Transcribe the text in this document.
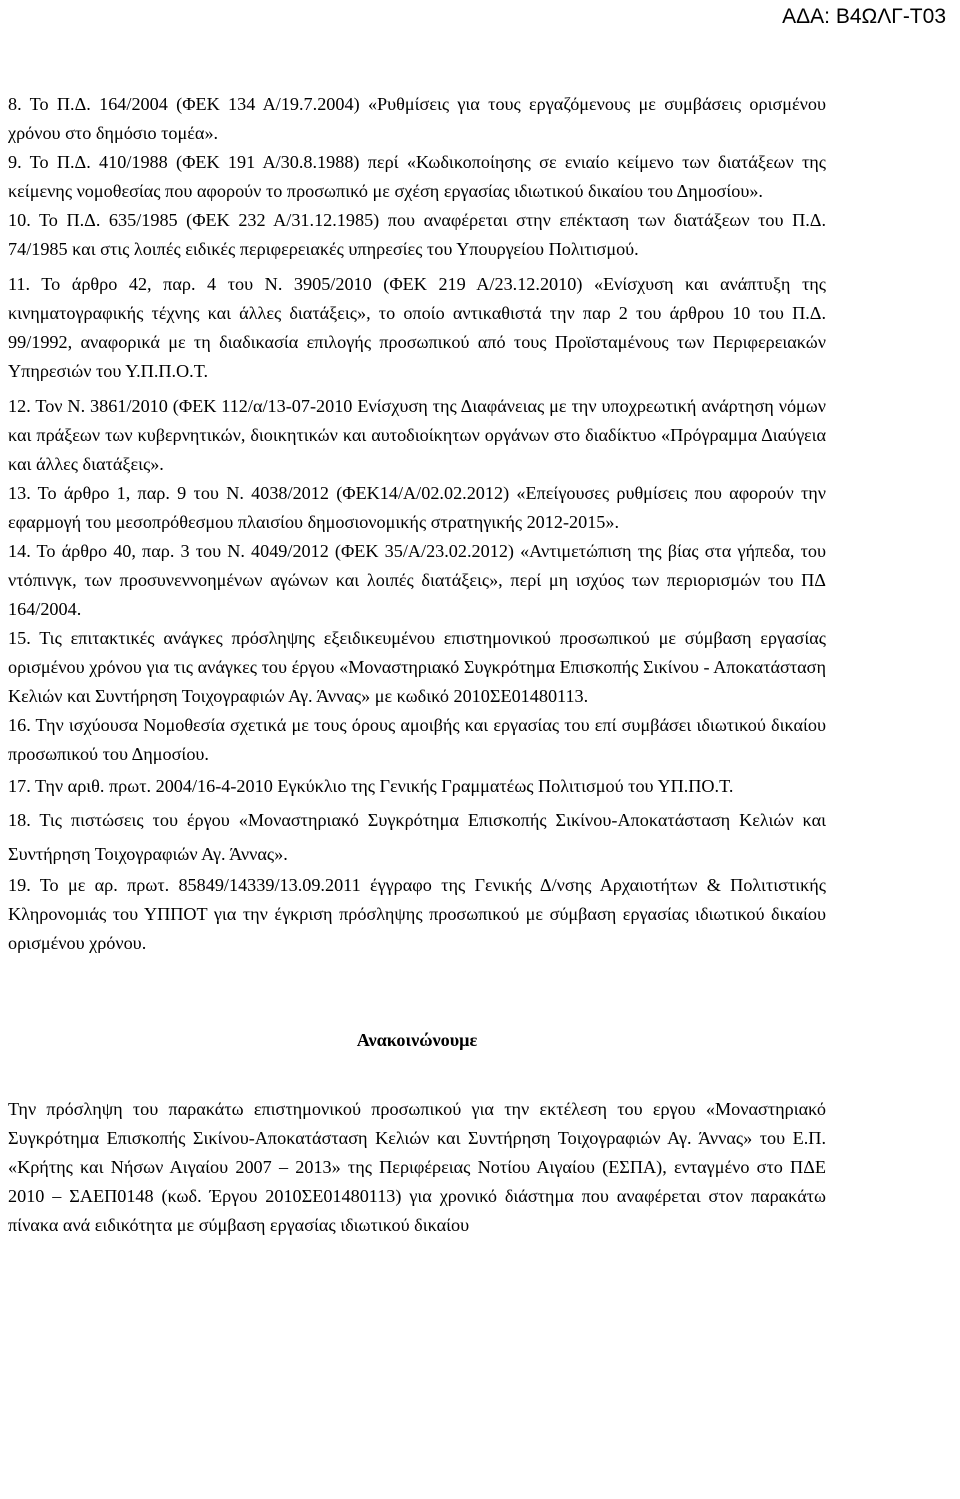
ΑΔΑ: Β4ΩΛΓ-Τ03

8. Το Π.Δ. 164/2004 (ΦΕΚ 134 Α/19.7.2004) «Ρυθμίσεις για τους εργαζόμενους με συμβάσεις ορισμένου χρόνου στο δημόσιο τομέα».

9. Το Π.Δ. 410/1988 (ΦΕΚ 191 Α/30.8.1988) περί «Κωδικοποίησης σε ενιαίο κείμενο των διατάξεων της κείμενης νομοθεσίας που αφορούν το προσωπικό με σχέση εργασίας ιδιωτικού δικαίου του Δημοσίου».

10. Το Π.Δ. 635/1985 (ΦΕΚ 232 Α/31.12.1985) που αναφέρεται στην επέκταση των διατάξεων του Π.Δ. 74/1985 και στις λοιπές ειδικές περιφερειακές υπηρεσίες του Υπουργείου Πολιτισμού.

11. Το άρθρο 42, παρ. 4 του Ν. 3905/2010 (ΦΕΚ 219 Α/23.12.2010) «Ενίσχυση και ανάπτυξη της κινηματογραφικής τέχνης και άλλες διατάξεις», το οποίο αντικαθιστά την παρ 2 του άρθρου 10 του Π.Δ. 99/1992, αναφορικά με τη διαδικασία επιλογής προσωπικού από τους Προϊσταμένους των Περιφερειακών Υπηρεσιών του Υ.Π.Π.Ο.Τ.

12. Τον Ν. 3861/2010 (ΦΕΚ 112/α/13-07-2010 Ενίσχυση της Διαφάνειας με την υποχρεωτική ανάρτηση νόμων και πράξεων των κυβερνητικών, διοικητικών και αυτοδιοίκητων οργάνων στο διαδίκτυο «Πρόγραμμα Διαύγεια και άλλες διατάξεις».

13. Το άρθρο 1, παρ. 9 του Ν. 4038/2012 (ΦΕΚ14/Α/02.02.2012) «Επείγουσες ρυθμίσεις που αφορούν την εφαρμογή του μεσοπρόθεσμου πλαισίου δημοσιονομικής στρατηγικής 2012-2015».

14. Το άρθρο 40, παρ. 3 του Ν. 4049/2012 (ΦΕΚ 35/Α/23.02.2012) «Αντιμετώπιση της βίας στα γήπεδα, του ντόπινγκ, των προσυνεννοημένων αγώνων και λοιπές διατάξεις», περί μη ισχύος των περιορισμών του ΠΔ 164/2004.

15. Τις επιτακτικές ανάγκες πρόσληψης εξειδικευμένου επιστημονικού προσωπικού με σύμβαση εργασίας ορισμένου χρόνου για τις ανάγκες του έργου «Μοναστηριακό Συγκρότημα Επισκοπής Σικίνου - Αποκατάσταση Κελιών και Συντήρηση Τοιχογραφιών Αγ. Άννας» με κωδικό 2010ΣΕ01480113.

16. Την ισχύουσα Νομοθεσία σχετικά με τους όρους αμοιβής και εργασίας του επί συμβάσει ιδιωτικού δικαίου προσωπικού του Δημοσίου.

17. Την αριθ. πρωτ. 2004/16-4-2010 Εγκύκλιο της Γενικής Γραμματέως Πολιτισμού του ΥΠ.ΠΟ.Τ.

18. Τις πιστώσεις του έργου «Μοναστηριακό Συγκρότημα Επισκοπής Σικίνου-Αποκατάσταση Κελιών και Συντήρηση Τοιχογραφιών Αγ. Άννας».

19. Το με αρ. πρωτ. 85849/14339/13.09.2011 έγγραφο της Γενικής Δ/νσης Αρχαιοτήτων & Πολιτιστικής Κληρονομιάς του ΥΠΠΟΤ για την έγκριση πρόσληψης προσωπικού με σύμβαση εργασίας ιδιωτικού δικαίου ορισμένου χρόνου.

Ανακοινώνουμε

Την πρόσληψη του παρακάτω επιστημονικού προσωπικού για την εκτέλεση του εργου «Μοναστηριακό Συγκρότημα Επισκοπής Σικίνου-Αποκατάσταση Κελιών και Συντήρηση Τοιχογραφιών Αγ. Άννας» του Ε.Π. «Κρήτης και Νήσων Αιγαίου 2007 – 2013» της Περιφέρειας Νοτίου Αιγαίου (ΕΣΠΑ), ενταγμένο στο ΠΔΕ 2010 – ΣΑΕΠ0148 (κωδ. Έργου 2010ΣΕ01480113) για χρονικό διάστημα που αναφέρεται στον παρακάτω πίνακα ανά ειδικότητα με σύμβαση εργασίας ιδιωτικού δικαίου
